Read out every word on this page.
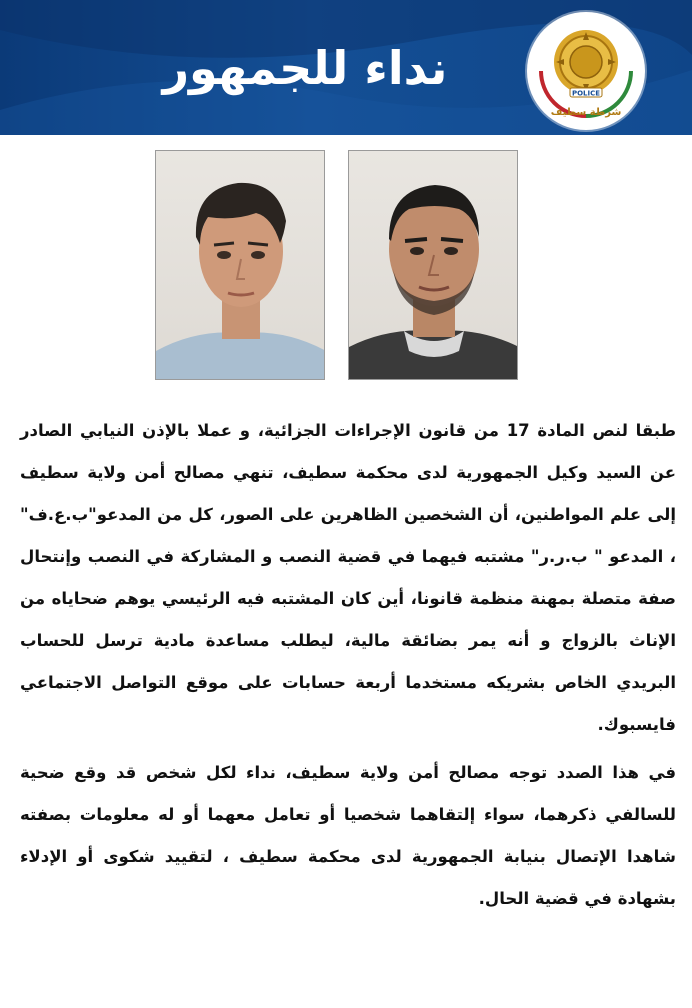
نداء للجمهور	POLICE
شرطة سطيف

طبقا لنص المادة 17 من قانون الإجراءات الجزائية، و عملا بالإذن النيابي الصادر عن السيد وكيل الجمهورية لدى محكمة سطيف، تنهي مصالح أمن ولاية سطيف إلى علم المواطنين، أن الشخصين الظاهرين على الصور، كل من المدعو"ب.ع.ف" ، المدعو " ب.ر.ر" مشتبه فيهما في قضية النصب و المشاركة في النصب وإنتحال صفة متصلة بمهنة منظمة قانونا، أين كان المشتبه فيه الرئيسي يوهم ضحاياه من الإناث بالزواج و أنه يمر بضائقة مالية، ليطلب مساعدة مادية ترسل للحساب البريدي الخاص بشريكه مستخدما أربعة حسابات على موقع التواصل الاجتماعي فايسبوك.

في هذا الصدد توجه مصالح أمن ولاية سطيف، نداء لكل شخص قد وقع ضحية للسالفي ذكرهما، سواء إلتقاهما شخصيا أو تعامل معهما أو له معلومات بصفته شاهدا الإتصال بنيابة الجمهورية لدى محكمة سطيف ، لتقييد شكوى أو الإدلاء بشهادة في قضية الحال.
